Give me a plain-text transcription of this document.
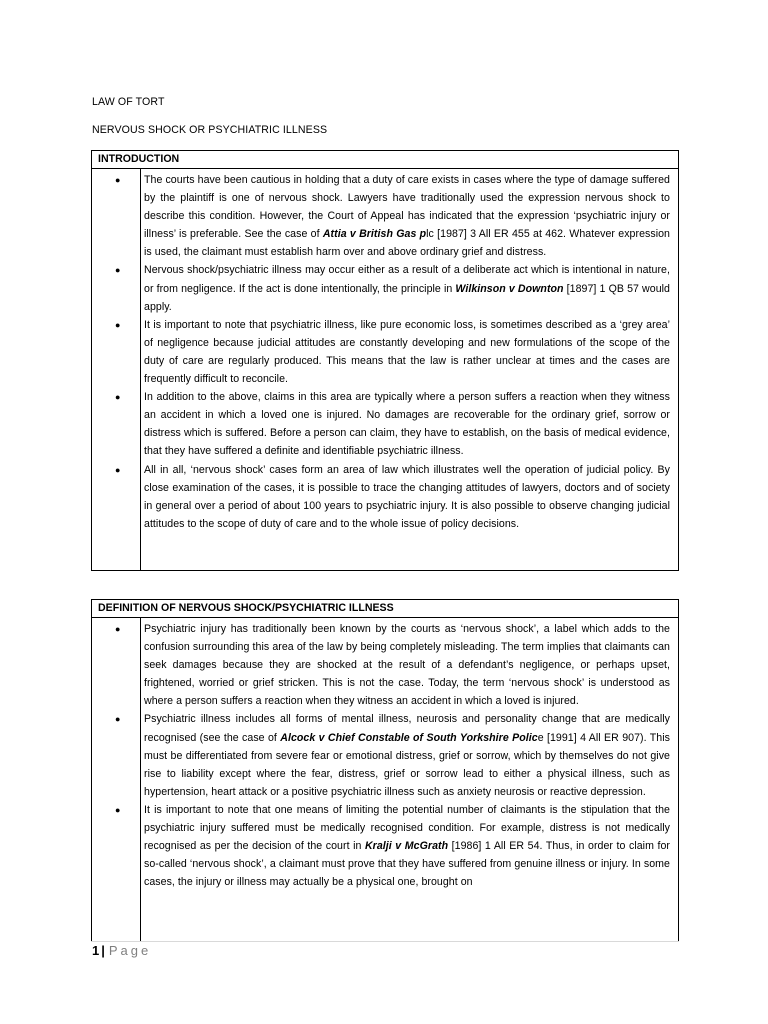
LAW OF TORT
NERVOUS SHOCK OR PSYCHIATRIC ILLNESS
INTRODUCTION
● The courts have been cautious in holding that a duty of care exists in cases where the type of damage suffered by the plaintiff is one of nervous shock. Lawyers have traditionally used the expression nervous shock to describe this condition. However, the Court of Appeal has indicated that the expression ‘psychiatric injury or illness’ is preferable. See the case of Attia v British Gas plc [1987] 3 All ER 455 at 462. Whatever expression is used, the claimant must establish harm over and above ordinary grief and distress.
● Nervous shock/psychiatric illness may occur either as a result of a deliberate act which is intentional in nature, or from negligence. If the act is done intentionally, the principle in Wilkinson v Downton [1897] 1 QB 57 would apply.
● It is important to note that psychiatric illness, like pure economic loss, is sometimes described as a ‘grey area’ of negligence because judicial attitudes are constantly developing and new formulations of the scope of the duty of care are regularly produced. This means that the law is rather unclear at times and the cases are frequently difficult to reconcile.
● In addition to the above, claims in this area are typically where a person suffers a reaction when they witness an accident in which a loved one is injured. No damages are recoverable for the ordinary grief, sorrow or distress which is suffered. Before a person can claim, they have to establish, on the basis of medical evidence, that they have suffered a definite and identifiable psychiatric illness.
● All in all, ‘nervous shock’ cases form an area of law which illustrates well the operation of judicial policy. By close examination of the cases, it is possible to trace the changing attitudes of lawyers, doctors and of society in general over a period of about 100 years to psychiatric injury. It is also possible to observe changing judicial attitudes to the scope of duty of care and to the whole issue of policy decisions.
DEFINITION OF NERVOUS SHOCK/PSYCHIATRIC ILLNESS
● Psychiatric injury has traditionally been known by the courts as ‘nervous shock’, a label which adds to the confusion surrounding this area of the law by being completely misleading. The term implies that claimants can seek damages because they are shocked at the result of a defendant’s negligence, or perhaps upset, frightened, worried or grief stricken. This is not the case. Today, the term ‘nervous shock’ is understood as where a person suffers a reaction when they witness an accident in which a loved is injured.
● Psychiatric illness includes all forms of mental illness, neurosis and personality change that are medically recognised (see the case of Alcock v Chief Constable of South Yorkshire Police [1991] 4 All ER 907). This must be differentiated from severe fear or emotional distress, grief or sorrow, which by themselves do not give rise to liability except where the fear, distress, grief or sorrow lead to either a physical illness, such as hypertension, heart attack or a positive psychiatric illness such as anxiety neurosis or reactive depression.
● It is important to note that one means of limiting the potential number of claimants is the stipulation that the psychiatric injury suffered must be medically recognised condition. For example, distress is not medically recognised as per the decision of the court in Kralji v McGrath [1986] 1 All ER 54. Thus, in order to claim for so-called ‘nervous shock’, a claimant must prove that they have suffered from genuine illness or injury. In some cases, the injury or illness may actually be a physical one, brought on
1 | Page
